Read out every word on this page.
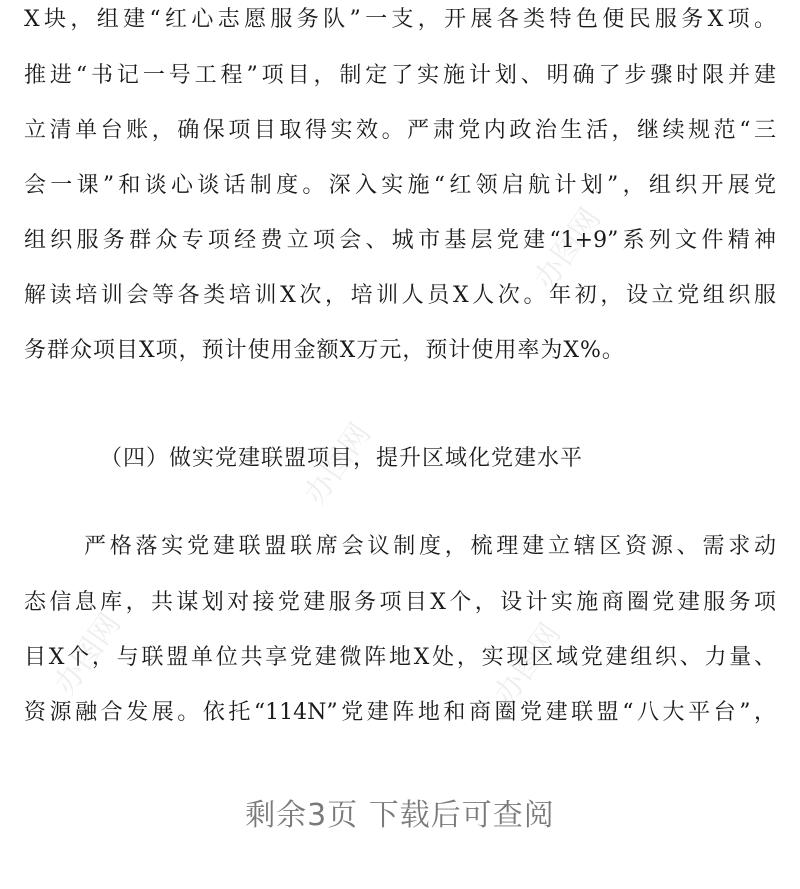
办图网
办图网
办图网	办图网
X块，组建“红心志愿服务队”一支，开展各类特色便民服务X项。
推进“书记一号工程”项目，制定了实施计划、明确了步骤时限并建
立清单台账，确保项目取得实效。严肃党内政治生活，继续规范“三
会一课”和谈心谈话制度。深入实施“红领启航计划”，组织开展党
组织服务群众专项经费立项会、城市基层党建“1+9”系列文件精神
解读培训会等各类培训X次，培训人员X人次。年初，设立党组织服
务群众项目X项，预计使用金额X万元，预计使用率为X%。
（四）做实党建联盟项目，提升区域化党建水平
严格落实党建联盟联席会议制度，梳理建立辖区资源、需求动
态信息库，共谋划对接党建服务项目X个，设计实施商圈党建服务项
目X个，与联盟单位共享党建微阵地X处，实现区域党建组织、力量、
资源融合发展。依托“114N”党建阵地和商圈党建联盟“八大平台”，
剩余3页 下载后可查阅
